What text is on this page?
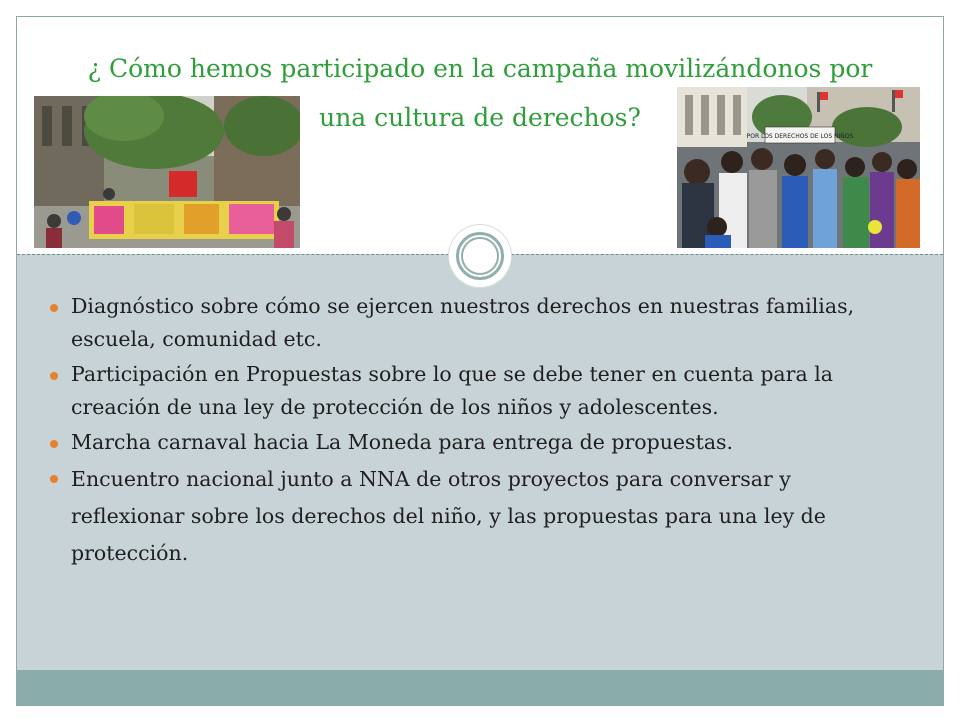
POR LOS DERECHOS DE LOS NIÑOS
¿ Cómo hemos participado en la campaña movilizándonos por
una cultura de derechos?
Diagnóstico sobre cómo se ejercen nuestros derechos en nuestras familias, escuela, comunidad etc.
Participación en Propuestas sobre lo que se debe tener en cuenta para la creación de una ley de protección de los niños y adolescentes.
Marcha carnaval hacia La Moneda para entrega de propuestas.
Encuentro nacional junto a NNA de otros proyectos para conversar y reflexionar sobre los derechos del niño, y las propuestas para una ley de protección.
